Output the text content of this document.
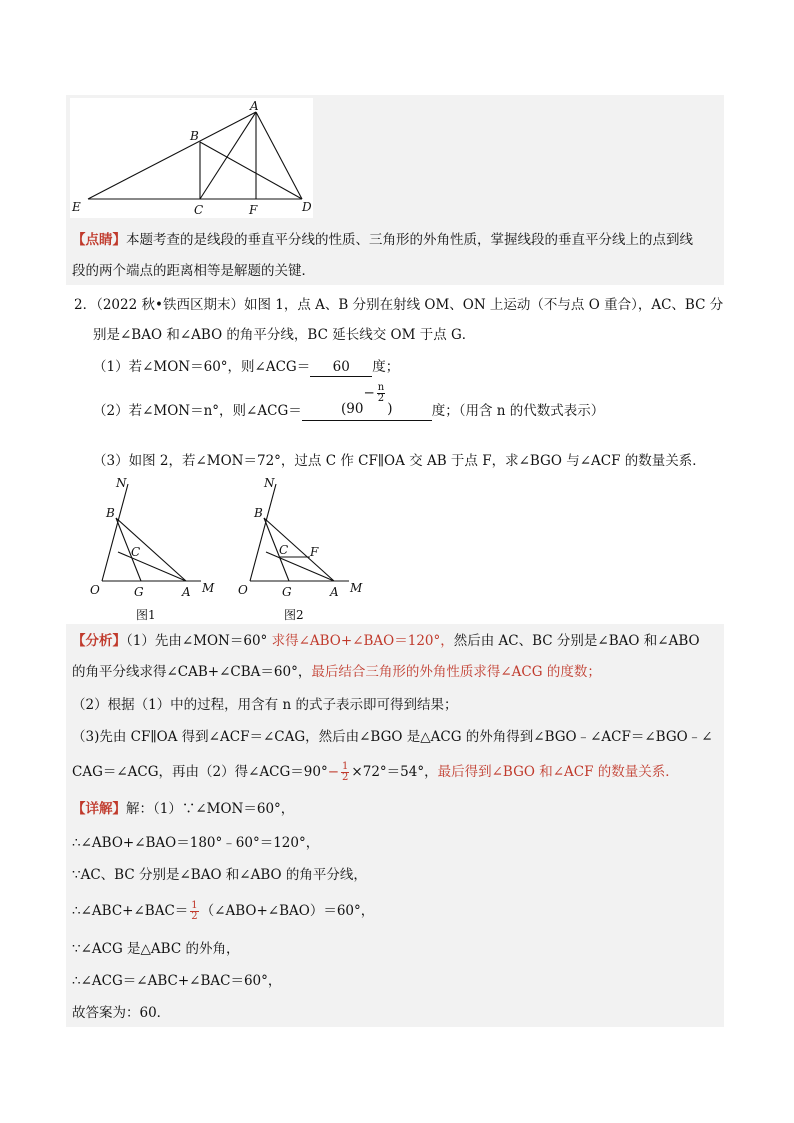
A
B
C	F	D
E
【点睛】本题考查的是线段的垂直平分线的性质、三角形的外角性质，掌握线段的垂直平分线上的点到线
段的两个端点的距离相等是解题的关键．
2．（2022 秋•铁西区期末）如图 1，点 A、B 分别在射线 OM、ON 上运动（不与点 O 重合），AC、BC 分
别是∠BAO 和∠ABO 的角平分线，BC 延长线交 OM 于点 G．
（1）若∠MON＝60°，则∠ACG＝ 60 度；
（2）若∠MON＝n°，则∠ACG＝	($90- \frac{n}{2}$
)	度；（用含 n 的代数式表示）
（3）如图 2，若∠MON＝72°，过点 C 作 CF∥OA 交 AB 于点 F，求∠BGO 与∠ACF 的数量关系．
N
B
C
O	G	A M
图1
N
B
C F
O	G	A M
图2
【分析】（1）先由∠MON＝60° 求得∠ABO+∠BAO＝120°，然后由 AC、BC 分别是∠BAO 和∠ABO
的角平分线求得∠CAB+∠CBA＝60°，最后结合三角形的外角性质求得∠ACG 的度数；
（2）根据（1）中的过程，用含有 n 的式子表示即可得到结果；
（3)先由 CF∥OA 得到∠ACF＝∠CAG，然后由∠BGO 是△ACG 的外角得到∠BGO﹣∠ACF＝∠BGO﹣∠
CAG＝∠ACG，再由（2）得∠ACG＝90°− $\frac{1}{2} \times 72^\circ=54^\circ$，最后得到∠BGO 和∠ACF 的数量关系．
【详解】解：（1）∵∠MON＝60°，
∴∠ABO+∠BAO＝180°﹣60°＝120°，
∵AC、BC 分别是∠BAO 和∠ABO 的角平分线，
∴∠ABC+∠BAC＝ $\frac{1}{2}$ （∠ABO+∠BAO）＝60°，
∵∠ACG 是△ABC 的外角，
∴∠ACG＝∠ABC+∠BAC＝60°，
故答案为：60．
